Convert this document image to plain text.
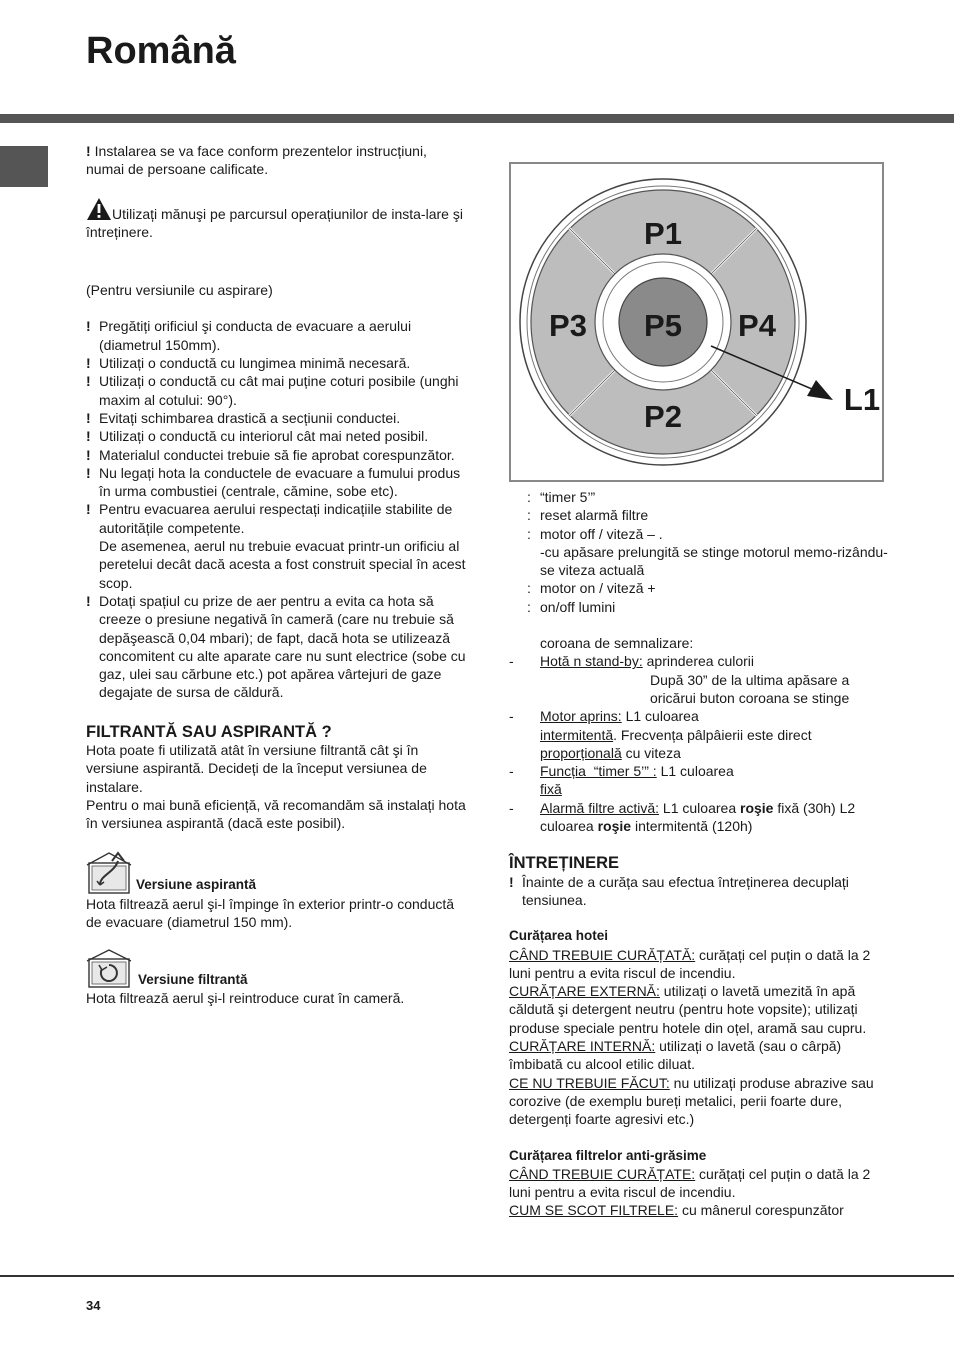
Română

! Instalarea se va face conform prezentelor instrucțiuni, numai de persoane calificate.

Utilizați mănuşi pe parcursul operațiunilor de insta-lare şi întreținere.

(Pentru versiunile cu aspirare)

! Pregătiți orificiul şi conducta de evacuare a aerului (diametrul 150mm).
! Utilizați o conductă cu lungimea minimă necesară.
! Utilizați o conductă cu cât mai puține coturi posibile (unghi maxim al cotului: 90°).
! Evitați schimbarea drastică a secțiunii conductei.
! Utilizați o conductă cu interiorul cât mai neted posibil.
! Materialul conductei trebuie să fie aprobat corespunzător.
! Nu legați hota la conductele de evacuare a fumului produs în urma combustiei (centrale, cămine, sobe etc).
! Pentru evacuarea aerului respectați indicațiile stabilite de autoritățile competente.
De asemenea, aerul nu trebuie evacuat printr-un orificiu al peretelui decât dacă acesta a fost construit special în acest scop.
! Dotați spațiul cu prize de aer pentru a evita ca hota să creeze o presiune negativă în cameră (care nu trebuie să depăşească 0,04 mbari); de fapt, dacă hota se utilizează concomitent cu alte aparate care nu sunt electrice (sobe cu gaz, ulei sau cărbune etc.) pot apărea vârtejuri de gaze degajate de sursa de căldură.

FILTRANTĂ SAU ASPIRANTĂ ?

Hota poate fi utilizată atât în versiune filtrantă cât şi în versiune aspirantă. Decideți de la început versiunea de instalare.

Pentru o mai bună eficiență, vă recomandăm să instalați hota în versiunea aspirantă (dacă este posibil).

Versiune aspirantă

Hota filtrează aerul şi-l împinge în exterior printr-o conductă de evacuare (diametrul 150 mm).

Versiune filtrantă

Hota filtrează aerul şi-l reintroduce curat în cameră.

P1
P2
P3	P4
P5
L1
: “timer 5’”
: reset alarmă filtre
: motor off / viteză – .
-cu apăsare prelungită se stinge motorul memo-rizându-se viteza actuală
: motor on / viteză +
: on/off lumini

coroana de semnalizare:

-	Hotă n stand-by: aprinderea culorii
După 30” de la ultima apăsare a oricărui buton coroana se stinge
-	Motor aprins: L1 culoarea
intermitentă. Frecvența pâlpâierii este direct
proporțională cu viteza
-	Funcția  “timer 5’” : L1 culoarea
fixă
-	Alarmă filtre activă: L1 culoarea roşie fixă (30h) L2 culoarea roşie intermitentă (120h)

ÎNTREȚINERE

! Înainte de a curăța sau efectua întreținerea decuplați tensiunea.

Curățarea hotei

CÂND TREBUIE CURĂȚATĂ: curățați cel puțin o dată la 2 luni pentru a evita riscul de incendiu.

CURĂȚARE EXTERNĂ: utilizați o lavetă umezită în apă căldută şi detergent neutru (pentru hote vopsite); utilizați produse speciale pentru hotele din oțel, aramă sau cupru.

CURĂȚARE INTERNĂ: utilizați o lavetă (sau o cârpă) îmbibată cu alcool etilic diluat.

CE NU TREBUIE FĂCUT: nu utilizați produse abrazive sau corozive (de exemplu bureți metalici, perii foarte dure, detergenți foarte agresivi etc.)

Curățarea filtrelor anti-grăsime

CÂND TREBUIE CURĂȚATE: curățați cel puțin o dată la 2 luni pentru a evita riscul de incendiu.

CUM SE SCOT FILTRELE: cu mânerul corespunzător

34
